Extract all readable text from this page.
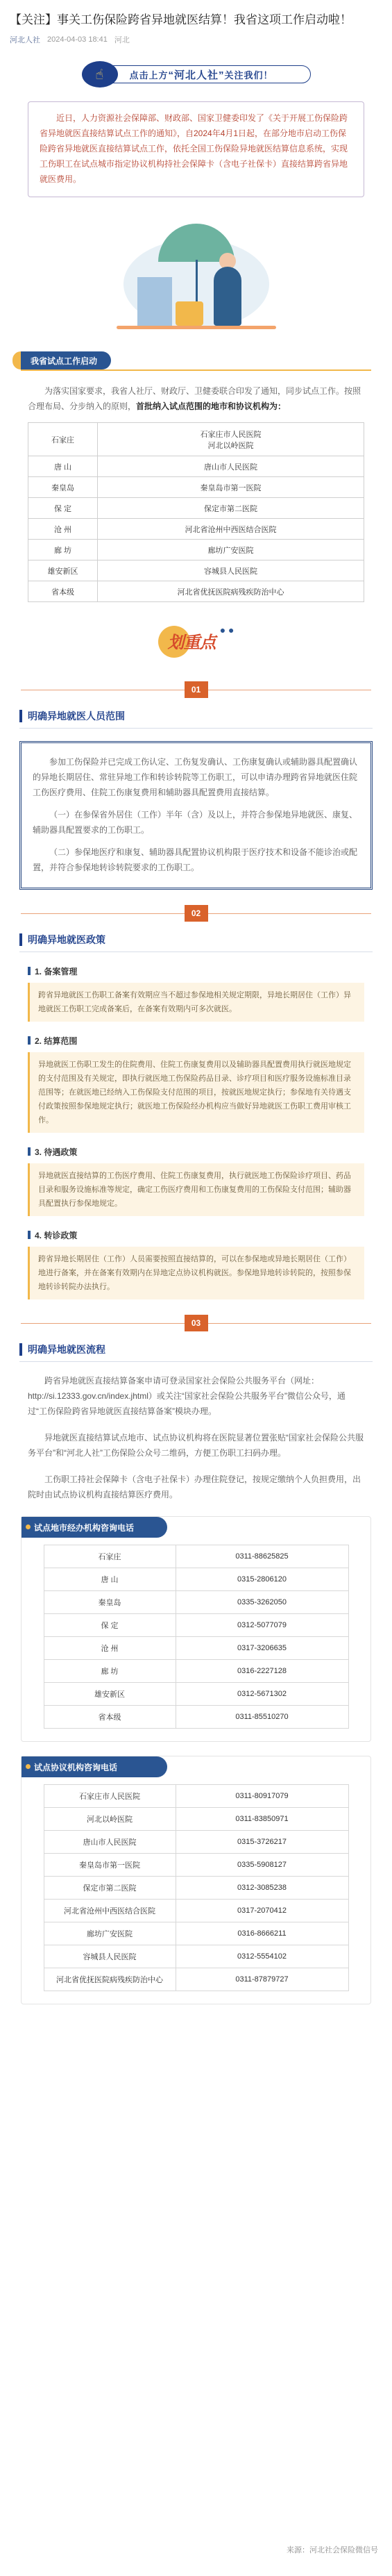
【关注】事关工伤保险跨省异地就医结算！我省这项工作启动啦！
河北人社 2024-04-03 18:41 河北
☝	点击上方 “河北人社” 关注我们！
近日，人力资源社会保障部、财政部、国家卫健委印发了《关于开展工伤保险跨省异地就医直接结算试点工作的通知》，自2024年4月1日起，在部分地市启动工伤保险跨省异地就医直接结算试点工作，依托全国工伤保险异地就医结算信息系统，实现工伤职工在试点城市指定协议机构持社会保障卡（含电子社保卡）直接结算跨省异地就医费用。
我省试点工作启动

为落实国家要求，我省人社厅、财政厅、卫健委联合印发了通知，同步试点工作。按照合理布局、分步纳入的原则，首批纳入试点范围的地市和协议机构为：

石家庄	石家庄市人民医院
河北以岭医院
唐 山	唐山市人民医院
秦皇岛	秦皇岛市第一医院
保 定	保定市第二医院
沧 州	河北省沧州中西医结合医院
廊 坊	廊坊广安医院
雄安新区	容城县人民医院
省本级	河北省优抚医院病残疾防治中心
划重点
● ●
01
明确异地就医人员范围

参加工伤保险并已完成工伤认定、工伤复发确认、工伤康复确认或辅助器具配置确认的异地长期居住、常驻异地工作和转诊转院等工伤职工，可以申请办理跨省异地就医住院工伤医疗费用、住院工伤康复费用和辅助器具配置费用直接结算。

（一）在参保省外居住（工作）半年（含）及以上，并符合参保地异地就医、康复、辅助器具配置要求的工伤职工。

（二）参保地医疗和康复、辅助器具配置协议机构限于医疗技术和设备不能诊治或配置，并符合参保地转诊转院要求的工伤职工。

02
明确异地就医政策
1. 备案管理
跨省异地就医工伤职工备案有效期应当不超过参保地相关规定期限，异地长期居住（工作）异地就医工伤职工完成备案后，在备案有效期内可多次就医。
2. 结算范围
异地就医工伤职工发生的住院费用、住院工伤康复费用以及辅助器具配置费用执行就医地规定的支付范围及有关规定，即执行就医地工伤保险药品目录、诊疗项目和医疗服务设施标准目录范围等；在就医地已经纳入工伤保险支付范围的项目，按就医地规定执行；参保地有关待遇支付政策按照参保地规定执行；就医地工伤保险经办机构应当做好异地就医工伤职工费用审核工作。
3. 待遇政策
异地就医直接结算的工伤医疗费用、住院工伤康复费用，执行就医地工伤保险诊疗项目、药品目录和服务设施标准等规定，确定工伤医疗费用和工伤康复费用的工伤保险支付范围；辅助器具配置执行参保地规定。
4. 转诊政策
跨省异地长期居住（工作）人员需要按照直接结算的，可以在参保地或异地长期居住（工作）地进行备案，并在备案有效期内在异地定点协议机构就医。参保地异地转诊转院的，按照参保地转诊转院办法执行。
03
明确异地就医流程

跨省异地就医直接结算备案申请可登录国家社会保险公共服务平台（网址：http://si.12333.gov.cn/index.jhtml）或关注“国家社会保险公共服务平台”微信公众号，通过“工伤保险跨省异地就医直接结算备案”模块办理。

异地就医直接结算试点地市、试点协议机构将在医院显著位置张贴“国家社会保险公共服务平台”和“河北人社”工伤保险公众号二维码，方便工伤职工扫码办理。

工伤职工持社会保障卡（含电子社保卡）办理住院登记，按规定缴纳个人负担费用，出院时由试点协议机构直接结算医疗费用。

试点地市经办机构咨询电话
石家庄	0311-88625825
唐 山	0315-2806120
秦皇岛	0335-3262050
保 定	0312-5077079
沧 州	0317-3206635
廊 坊	0316-2227128
雄安新区	0312-5671302
省本级	0311-85510270
试点协议机构咨询电话
石家庄市人民医院	0311-80917079
河北以岭医院	0311-83850971
唐山市人民医院	0315-3726217
秦皇岛市第一医院	0335-5908127
保定市第二医院	0312-3085238
河北省沧州中西医结合医院	0317-2070412
廊坊广安医院	0316-8666211
容城县人民医院	0312-5554102
河北省优抚医院病残疾防治中心	0311-87879727
来源：河北社会保险微信号
